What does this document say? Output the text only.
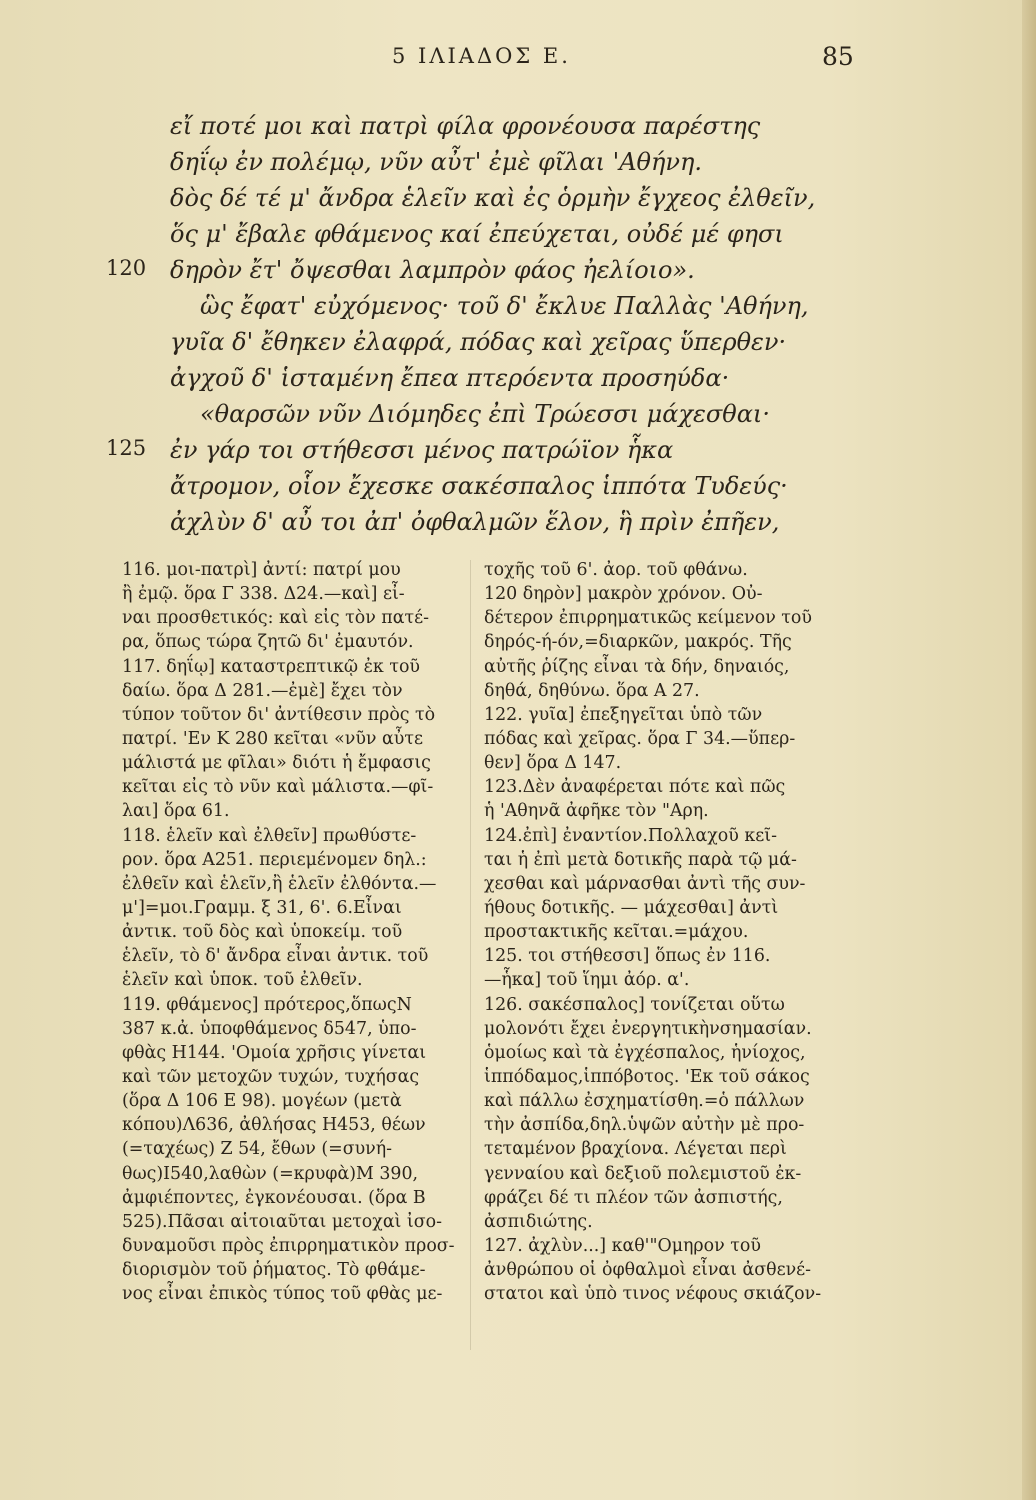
5 ΙΛΙΑΔΟΣ Ε.	85
εἴ ποτέ μοι καὶ πατρὶ φίλα φρονέουσα παρέστης
δηΐῳ ἐν πολέμῳ, νῦν αὖτ' ἐμὲ φῖλαι 'Αθήνη.
δὸς δέ τέ μ' ἄνδρα ἑλεῖν καὶ ἐς ὁρμὴν ἔγχεος ἐλθεῖν,
ὅς μ' ἔβαλε φθάμενος καί ἐπεύχεται, οὐδέ μέ φησι
120 δηρὸν ἔτ' ὄψεσθαι λαμπρὸν φάος ἠελίοιο».
ὣς ἔφατ' εὐχόμενος· τοῦ δ' ἔκλυε Παλλὰς 'Αθήνη,
γυῖα δ' ἔθηκεν ἐλαφρά, πόδας καὶ χεῖρας ὕπερθεν·
ἀγχοῦ δ' ἱσταμένη ἔπεα πτερόεντα προσηύδα·
«θαρσῶν νῦν Διόμηδες ἐπὶ Τρώεσσι μάχεσθαι·
125 ἐν γάρ τοι στήθεσσι μένος πατρώϊον ἧκα
ἄτρομον, οἷον ἔχεσκε σακέσπαλος ἱππότα Τυδεύς·
ἀχλὺν δ' αὖ τοι ἀπ' ὀφθαλμῶν ἕλον, ἣ πρὶν ἐπῆεν,
116. μοι-πατρὶ] ἀντί: πατρί μου
ἢ ἐμῷ. ὅρα Γ 338. Δ24.—καὶ] εἶ-
ναι προσθετικός: καὶ εἰς τὸν πατέ-
ρα, ὅπως τώρα ζητῶ δι' ἐμαυτόν.
117. δηΐῳ] καταστρεπτικῷ ἐκ τοῦ
δαίω. ὅρα Δ 281.—ἐμὲ] ἔχει τὸν
τύπον τοῦτον δι' ἀντίθεσιν πρὸς τὸ
πατρί. 'Εν Κ 280 κεῖται «νῦν αὖτε
μάλιστά με φῖλαι» διότι ἡ ἔμφασις
κεῖται εἰς τὸ νῦν καὶ μάλιστα.—φῖ-
λαι] ὅρα 61.
118. ἑλεῖν καὶ ἐλθεῖν] πρωθύστε-
ρον. ὅρα Α251. περιεμένομεν δηλ.:
ἐλθεῖν καὶ ἑλεῖν,ἢ ἑλεῖν ἐλθόντα.—
μ']=μοι.Γραμμ. ξ 31, 6'. 6.Εἶναι
ἀντικ. τοῦ δὸς καὶ ὑποκείμ. τοῦ
ἑλεῖν, τὸ δ' ἄνδρα εἶναι ἀντικ. τοῦ
ἑλεῖν καὶ ὑποκ. τοῦ ἐλθεῖν.
119. φθάμενος] πρότερος,ὅπωςΝ
387 κ.ἀ. ὑποφθάμενος δ547, ὑπο-
φθὰς Η144. 'Ομοία χρῆσις γίνεται
καὶ τῶν μετοχῶν τυχών, τυχήσας
(ὅρα Δ 106 Ε 98). μογέων (μετὰ
κόπου)Λ636, ἀθλήσας Η453, θέων
(=ταχέως) Ζ 54, ἔθων (=συνή-
θως)Ι540,λαθὼν (=κρυφὰ)Μ 390,
ἀμφιέποντες, ἐγκονέουσαι. (ὅρα Β
525).Πᾶσαι αἱτοιαῦται μετοχαὶ ἰσο-
δυναμοῦσι πρὸς ἐπιρρηματικὸν προσ-
διορισμὸν τοῦ ῥήματος. Τὸ φθάμε-
νος εἶναι ἐπικὸς τύπος τοῦ φθὰς με-
τοχῆς τοῦ 6'. ἀορ. τοῦ φθάνω.
120 δηρὸν] μακρὸν χρόνον. Οὐ-
δέτερον ἐπιρρηματικῶς κείμενον τοῦ
δηρός-ή-όν,=διαρκῶν, μακρός. Τῆς
αὐτῆς ῥίζης εἶναι τὰ δήν, δηναιός,
δηθά, δηθύνω. ὅρα Α 27.
122. γυῖα] ἐπεξηγεῖται ὑπὸ τῶν
πόδας καὶ χεῖρας. ὅρα Γ 34.—ὕπερ-
θεν] ὅρα Δ 147.
123.Δὲν ἀναφέρεται πότε καὶ πῶς
ἡ 'Αθηνᾶ ἀφῆκε τὸν "Αρη.
124.ἐπὶ] ἐναντίον.Πολλαχοῦ κεῖ-
ται ἡ ἐπὶ μετὰ δοτικῆς παρὰ τῷ μά-
χεσθαι καὶ μάρνασθαι ἀντὶ τῆς συν-
ήθους δοτικῆς. — μάχεσθαι] ἀντὶ
προστακτικῆς κεῖται.=μάχου.
125. τοι στήθεσσι] ὅπως ἐν 116.
—ἧκα] τοῦ ἵημι ἀόρ. α'.
126. σακέσπαλος] τονίζεται οὕτω
μολονότι ἔχει ἐνεργητικὴνσημασίαν.
ὁμοίως καὶ τὰ ἐγχέσπαλος, ἡνίοχος,
ἱππόδαμος,ἱππόβοτος. 'Εκ τοῦ σάκος
καὶ πάλλω ἐσχηματίσθη.=ὁ πάλλων
τὴν ἀσπίδα,δηλ.ὑψῶν αὐτὴν μὲ προ-
τεταμένον βραχίονα. Λέγεται περὶ
γενναίου καὶ δεξιοῦ πολεμιστοῦ ἐκ-
φράζει δέ τι πλέον τῶν ἀσπιστής,
ἀσπιδιώτης.
127. ἀχλὺν...] καθ'"Ομηρον τοῦ
ἀνθρώπου οἱ ὀφθαλμοὶ εἶναι ἀσθενέ-
στατοι καὶ ὑπὸ τινος νέφους σκιάζον-
